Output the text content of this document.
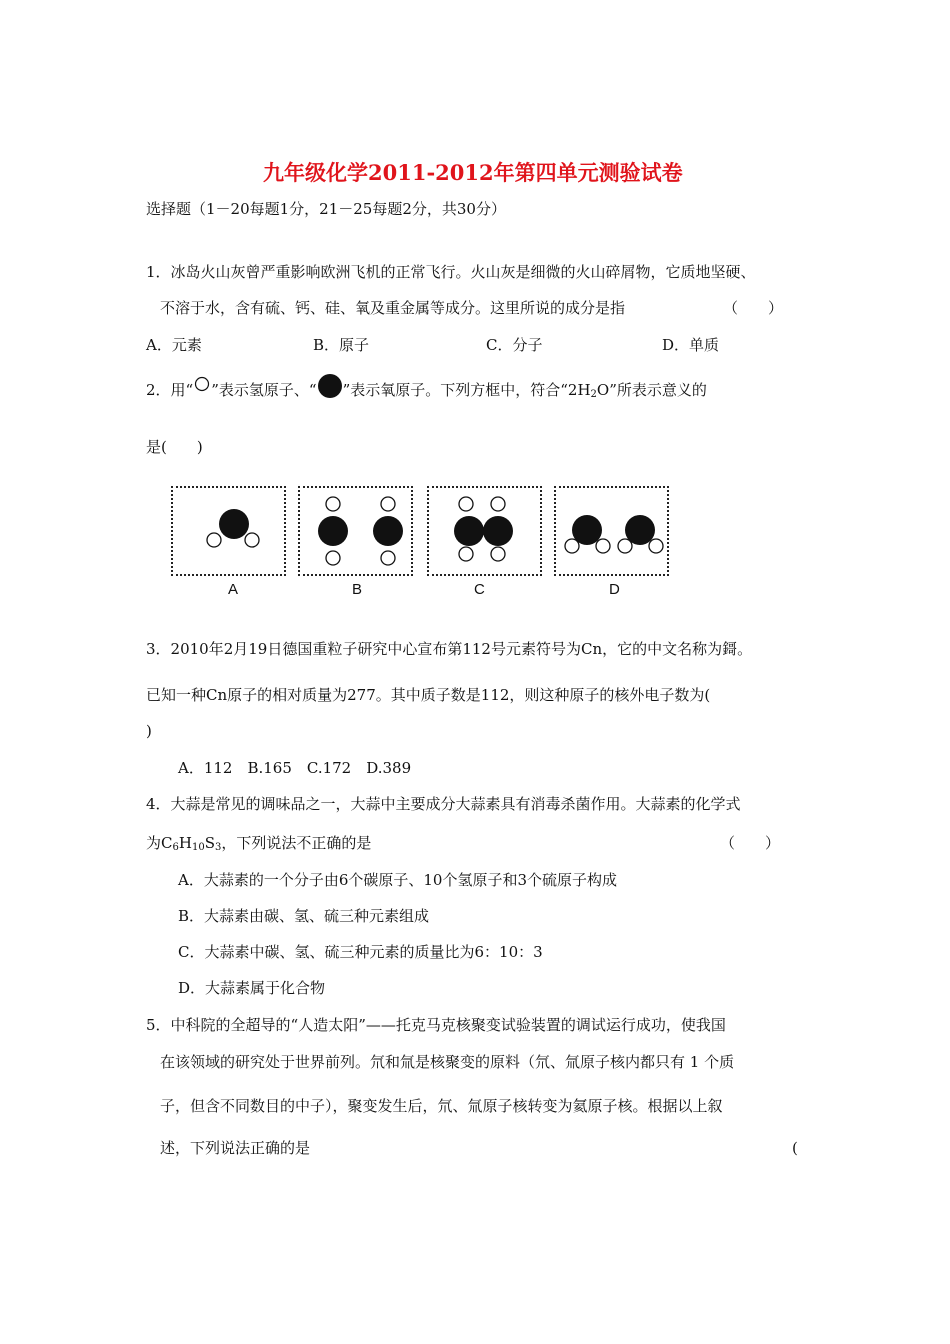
九年级化学2011-2012年第四单元测验试卷
选择题（1－20每题1分，21－25每题2分，共30分）
1．冰岛火山灰曾严重影响欧洲飞机的正常飞行。火山灰是细微的火山碎屑物，它质地坚硬、
不溶于水，含有硫、钙、硅、氧及重金属等成分。这里所说的成分是指	（　　）
A．元素	B．原子	C．分子	D．单质
2．用“ ”表示氢原子、“ ”表示氧原子。下列方框中，符合“$2H_2O$”所表示意义的
是(　　)
A	B	C	D
3．2010年2月19日德国重粒子研究中心宣布第112号元素符号为Cn，它的中文名称为鎶。
已知一种Cn原子的相对质量为277。其中质子数是112，则这种原子的核外电子数为(
)
A．112　B.165　C.172　D.389
4．大蒜是常见的调味品之一，大蒜中主要成分大蒜素具有消毒杀菌作用。大蒜素的化学式
为$C_6H_{10}S_3$，下列说法不正确的是	（　　）
A．大蒜素的一个分子由6个碳原子、10个氢原子和3个硫原子构成
B．大蒜素由碳、氢、硫三种元素组成
C．大蒜素中碳、氢、硫三种元素的质量比为6：10：3
D．大蒜素属于化合物
5．中科院的全超导的“人造太阳”——托克马克核聚变试验装置的调试运行成功，使我国
在该领域的研究处于世界前列。氘和氚是核聚变的原料（氘、氚原子核内都只有 1 个质
子，但含不同数目的中子），聚变发生后，氘、氚原子核转变为氦原子核。根据以上叙
述，下列说法正确的是	(
